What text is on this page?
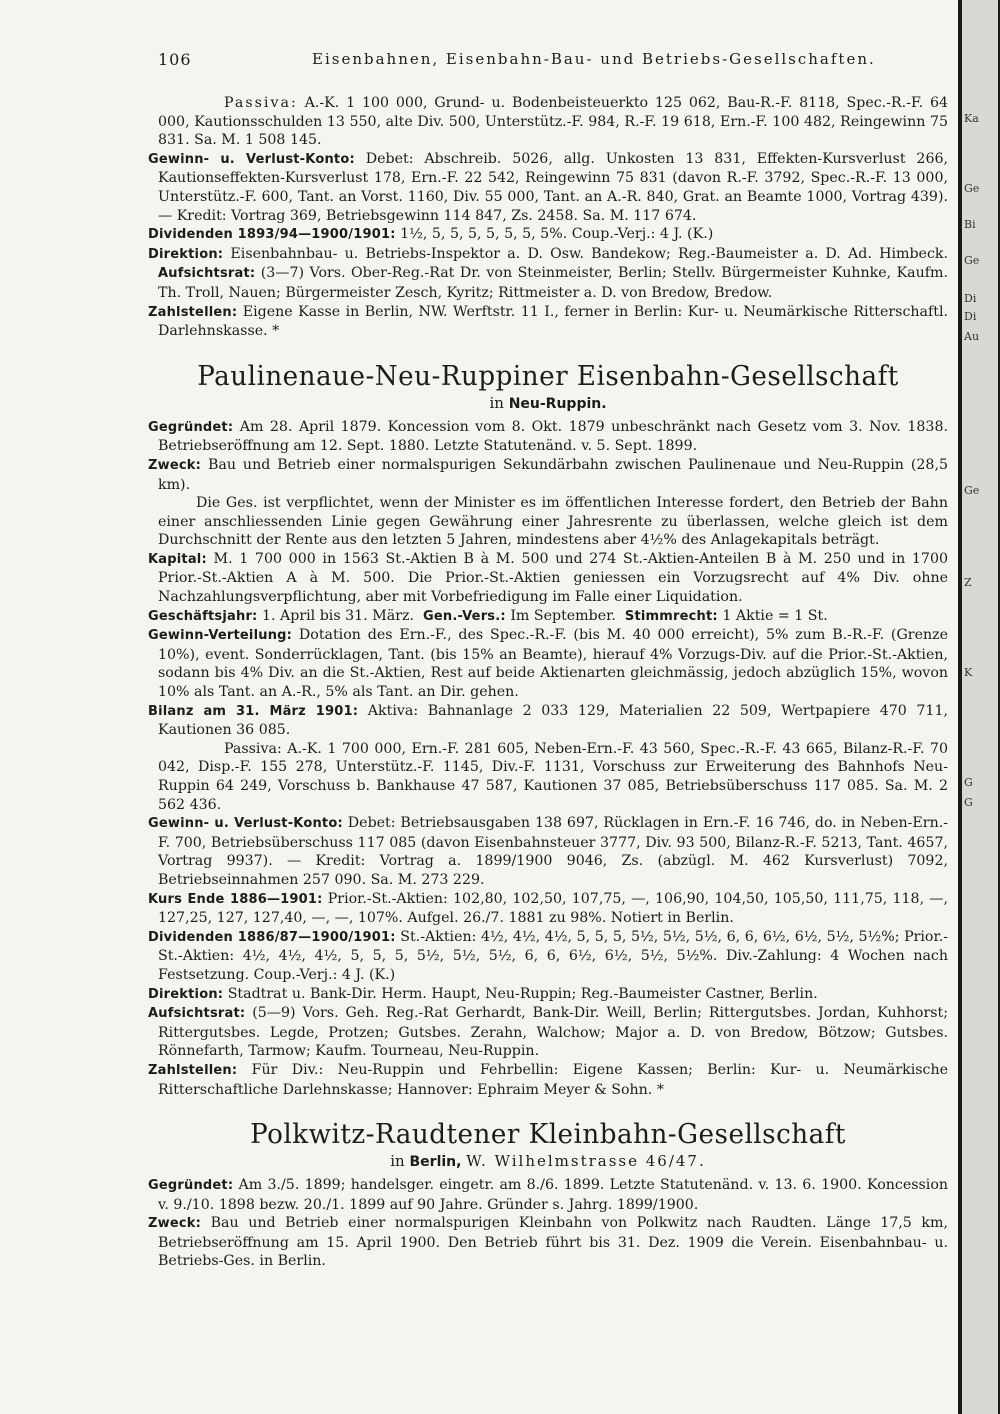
Ka
Ge
Bi
Ge
Di
Di
Au
Ge
Z
K
G
G
106	Eisenbahnen, Eisenbahn-Bau- und Betriebs-Gesellschaften.

Passiva: A.-K. 1 100 000, Grund- u. Bodenbeisteuerkto 125 062, Bau-R.-F. 8118, Spec.-R.-F. 64 000, Kautionsschulden 13 550, alte Div. 500, Unterstütz.-F. 984, R.-F. 19 618, Ern.-F. 100 482, Reingewinn 75 831. Sa. M. 1 508 145.

Gewinn- u. Verlust-Konto: Debet: Abschreib. 5026, allg. Unkosten 13 831, Effekten-Kursverlust 266, Kautionseffekten-Kursverlust 178, Ern.-F. 22 542, Reingewinn 75 831 (davon R.-F. 3792, Spec.-R.-F. 13 000, Unterstütz.-F. 600, Tant. an Vorst. 1160, Div. 55 000, Tant. an A.-R. 840, Grat. an Beamte 1000, Vortrag 439). — Kredit: Vortrag 369, Betriebsgewinn 114 847, Zs. 2458. Sa. M. 117 674.

Dividenden 1893/94—1900/1901: 1½, 5, 5, 5, 5, 5, 5, 5%. Coup.-Verj.: 4 J. (K.)

Direktion: Eisenbahnbau- u. Betriebs-Inspektor a. D. Osw. Bandekow; Reg.-Baumeister a. D. Ad. Himbeck. Aufsichtsrat: (3—7) Vors. Ober-Reg.-Rat Dr. von Steinmeister, Berlin; Stellv. Bürgermeister Kuhnke, Kaufm. Th. Troll, Nauen; Bürgermeister Zesch, Kyritz; Rittmeister a. D. von Bredow, Bredow.

Zahlstellen: Eigene Kasse in Berlin, NW. Werftstr. 11 I., ferner in Berlin: Kur- u. Neumärkische Ritterschaftl. Darlehnskasse. *

Paulinenaue-Neu-Ruppiner Eisenbahn-Gesellschaft
in Neu-Ruppin.

Gegründet: Am 28. April 1879. Koncession vom 8. Okt. 1879 unbeschränkt nach Gesetz vom 3. Nov. 1838. Betriebseröffnung am 12. Sept. 1880. Letzte Statutenänd. v. 5. Sept. 1899.

Zweck: Bau und Betrieb einer normalspurigen Sekundärbahn zwischen Paulinenaue und Neu-Ruppin (28,5 km).

Die Ges. ist verpflichtet, wenn der Minister es im öffentlichen Interesse fordert, den Betrieb der Bahn einer anschliessenden Linie gegen Gewährung einer Jahresrente zu überlassen, welche gleich ist dem Durchschnitt der Rente aus den letzten 5 Jahren, mindestens aber 4½% des Anlagekapitals beträgt.

Kapital: M. 1 700 000 in 1563 St.-Aktien B à M. 500 und 274 St.-Aktien-Anteilen B à M. 250 und in 1700 Prior.-St.-Aktien A à M. 500. Die Prior.-St.-Aktien geniessen ein Vorzugsrecht auf 4% Div. ohne Nachzahlungsverpflichtung, aber mit Vorbefriedigung im Falle einer Liquidation.

Geschäftsjahr: 1. April bis 31. März. Gen.-Vers.: Im September. Stimmrecht: 1 Aktie = 1 St.

Gewinn-Verteilung: Dotation des Ern.-F., des Spec.-R.-F. (bis M. 40 000 erreicht), 5% zum B.-R.-F. (Grenze 10%), event. Sonderrücklagen, Tant. (bis 15% an Beamte), hierauf 4% Vorzugs-Div. auf die Prior.-St.-Aktien, sodann bis 4% Div. an die St.-Aktien, Rest auf beide Aktienarten gleichmässig, jedoch abzüglich 15%, wovon 10% als Tant. an A.-R., 5% als Tant. an Dir. gehen.

Bilanz am 31. März 1901: Aktiva: Bahnanlage 2 033 129, Materialien 22 509, Wertpapiere 470 711, Kautionen 36 085.

Passiva: A.-K. 1 700 000, Ern.-F. 281 605, Neben-Ern.-F. 43 560, Spec.-R.-F. 43 665, Bilanz-R.-F. 70 042, Disp.-F. 155 278, Unterstütz.-F. 1145, Div.-F. 1131, Vorschuss zur Erweiterung des Bahnhofs Neu-Ruppin 64 249, Vorschuss b. Bankhause 47 587, Kautionen 37 085, Betriebsüberschuss 117 085. Sa. M. 2 562 436.

Gewinn- u. Verlust-Konto: Debet: Betriebsausgaben 138 697, Rücklagen in Ern.-F. 16 746, do. in Neben-Ern.-F. 700, Betriebsüberschuss 117 085 (davon Eisenbahnsteuer 3777, Div. 93 500, Bilanz-R.-F. 5213, Tant. 4657, Vortrag 9937). — Kredit: Vortrag a. 1899/1900 9046, Zs. (abzügl. M. 462 Kursverlust) 7092, Betriebseinnahmen 257 090. Sa. M. 273 229.

Kurs Ende 1886—1901: Prior.-St.-Aktien: 102,80, 102,50, 107,75, —, 106,90, 104,50, 105,50, 111,75, 118, —, 127,25, 127, 127,40, —, —, 107%. Aufgel. 26./7. 1881 zu 98%. Notiert in Berlin.

Dividenden 1886/87—1900/1901: St.-Aktien: 4½, 4½, 4½, 5, 5, 5, 5½, 5½, 5½, 6, 6, 6½, 6½, 5½, 5½%; Prior.-St.-Aktien: 4½, 4½, 4½, 5, 5, 5, 5½, 5½, 5½, 6, 6, 6½, 6½, 5½, 5½%. Div.-Zahlung: 4 Wochen nach Festsetzung. Coup.-Verj.: 4 J. (K.)

Direktion: Stadtrat u. Bank-Dir. Herm. Haupt, Neu-Ruppin; Reg.-Baumeister Castner, Berlin.

Aufsichtsrat: (5—9) Vors. Geh. Reg.-Rat Gerhardt, Bank-Dir. Weill, Berlin; Rittergutsbes. Jordan, Kuhhorst; Rittergutsbes. Legde, Protzen; Gutsbes. Zerahn, Walchow; Major a. D. von Bredow, Bötzow; Gutsbes. Rönnefarth, Tarmow; Kaufm. Tourneau, Neu-Ruppin.

Zahlstellen: Für Div.: Neu-Ruppin und Fehrbellin: Eigene Kassen; Berlin: Kur- u. Neumärkische Ritterschaftliche Darlehnskasse; Hannover: Ephraim Meyer & Sohn. *

Polkwitz-Raudtener Kleinbahn-Gesellschaft
in Berlin, W. Wilhelmstrasse 46/47.

Gegründet: Am 3./5. 1899; handelsger. eingetr. am 8./6. 1899. Letzte Statutenänd. v. 13. 6. 1900. Koncession v. 9./10. 1898 bezw. 20./1. 1899 auf 90 Jahre. Gründer s. Jahrg. 1899/1900.

Zweck: Bau und Betrieb einer normalspurigen Kleinbahn von Polkwitz nach Raudten. Länge 17,5 km, Betriebseröffnung am 15. April 1900. Den Betrieb führt bis 31. Dez. 1909 die Verein. Eisenbahnbau- u. Betriebs-Ges. in Berlin.
